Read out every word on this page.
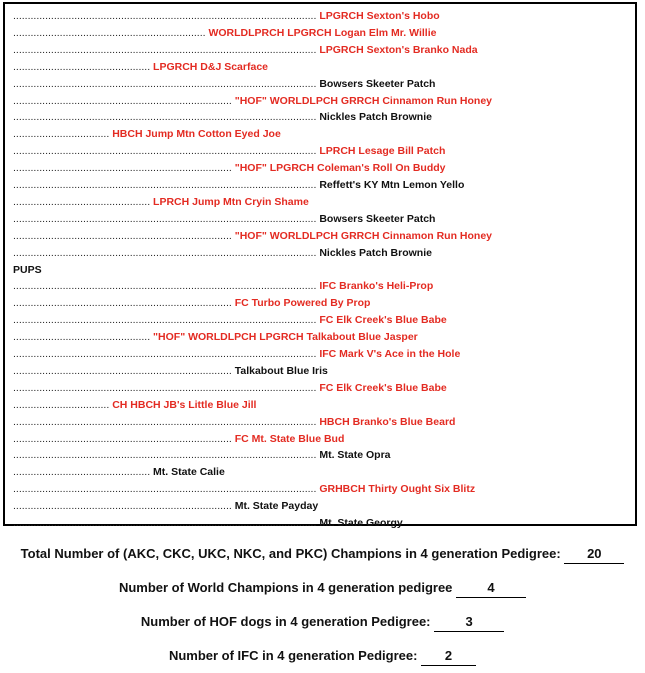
........................................................................................................ LPGRCH Sexton's Hobo
.................................................................. WORLDLPRCH LPGRCH Logan Elm Mr. Willie
........................................................................................................ LPGRCH Sexton's Branko Nada
............................................... LPGRCH D&J Scarface
........................................................................................................ Bowsers Skeeter Patch
........................................................................... "HOF" WORLDLPCH GRRCH Cinnamon Run Honey
........................................................................................................ Nickles Patch Brownie
................................. HBCH Jump Mtn Cotton Eyed Joe
........................................................................................................ LPRCH Lesage Bill Patch
........................................................................... "HOF" LPGRCH Coleman's Roll On Buddy
........................................................................................................ Reffett's KY Mtn Lemon Yello
............................................... LPRCH Jump Mtn Cryin Shame
........................................................................................................ Bowsers Skeeter Patch
........................................................................... "HOF" WORLDLPCH GRRCH Cinnamon Run Honey
........................................................................................................ Nickles Patch Brownie
PUPS
........................................................................................................ IFC Branko's Heli-Prop
........................................................................... FC Turbo Powered By Prop
........................................................................................................ FC Elk Creek's Blue Babe
............................................... "HOF" WORLDLPCH LPGRCH Talkabout Blue Jasper
........................................................................................................ IFC Mark V's Ace in the Hole
........................................................................... Talkabout Blue Iris
........................................................................................................ FC Elk Creek's Blue Babe
................................. CH HBCH JB's Little Blue Jill
........................................................................................................ HBCH Branko's Blue Beard
........................................................................... FC Mt. State Blue Bud
........................................................................................................ Mt. State Opra
............................................... Mt. State Calie
........................................................................................................ GRHBCH Thirty Ought Six Blitz
........................................................................... Mt. State Payday
........................................................................................................ Mt. State Georgy
Total Number of (AKC, CKC, UKC, NKC, and PKC) Champions in 4 generation Pedigree: 20
Number of World Champions in 4 generation pedigree	4
Number of HOF dogs in 4 generation Pedigree:	3
Number of IFC in 4 generation Pedigree: 2
